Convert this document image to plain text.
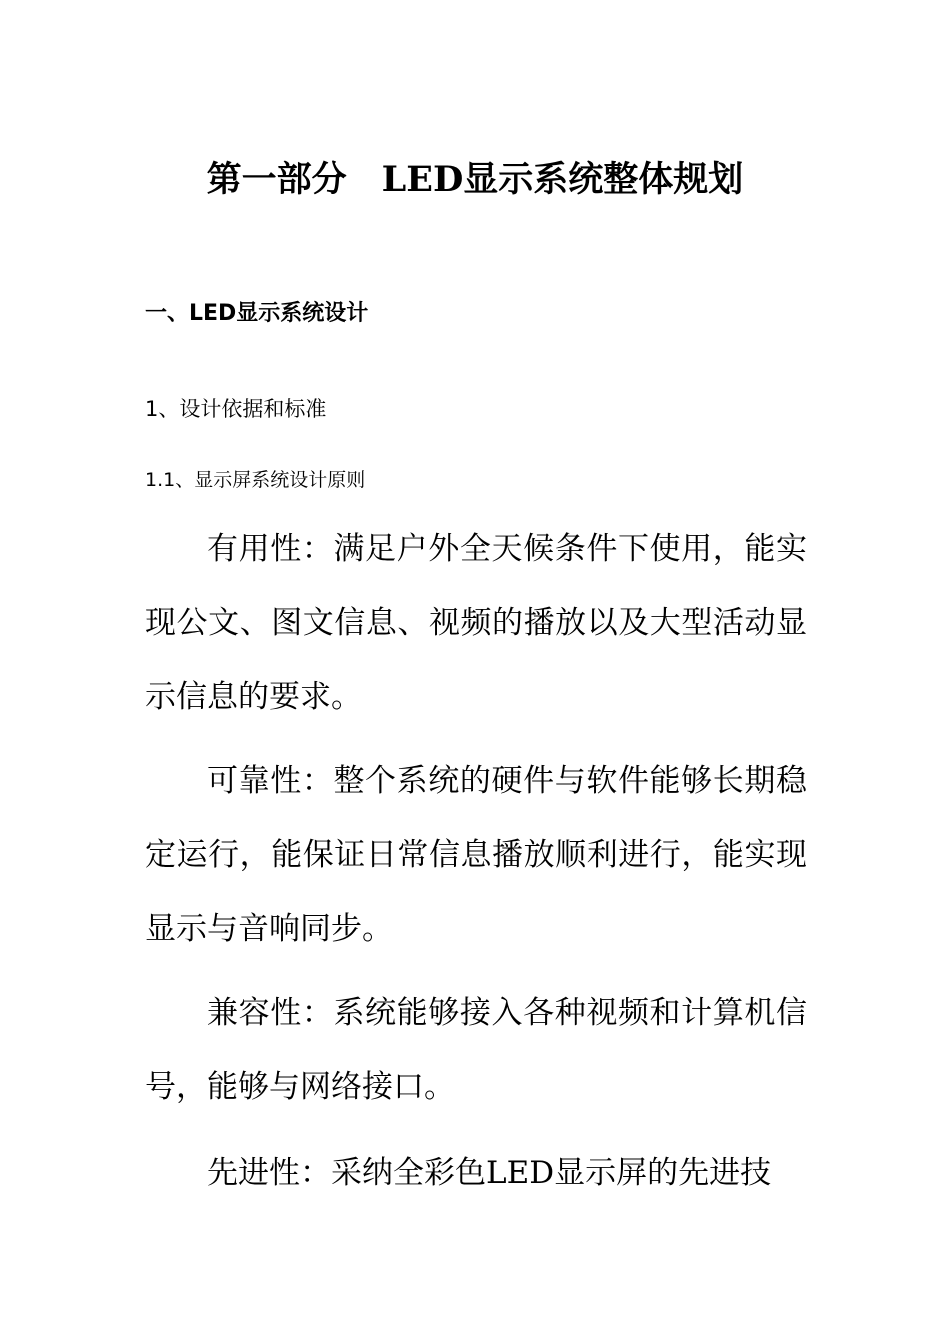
第一部分　LED显示系统整体规划
一、LED显示系统设计
1、设计依据和标准
1.1、显示屏系统设计原则

有用性：满足户外全天候条件下使用，能实现公文、图文信息、视频的播放以及大型活动显示信息的要求。

可靠性：整个系统的硬件与软件能够长期稳定运行，能保证日常信息播放顺利进行，能实现显示与音响同步。

兼容性：系统能够接入各种视频和计算机信号，能够与网络接口。

先进性：采纳全彩色LED显示屏的先进技
